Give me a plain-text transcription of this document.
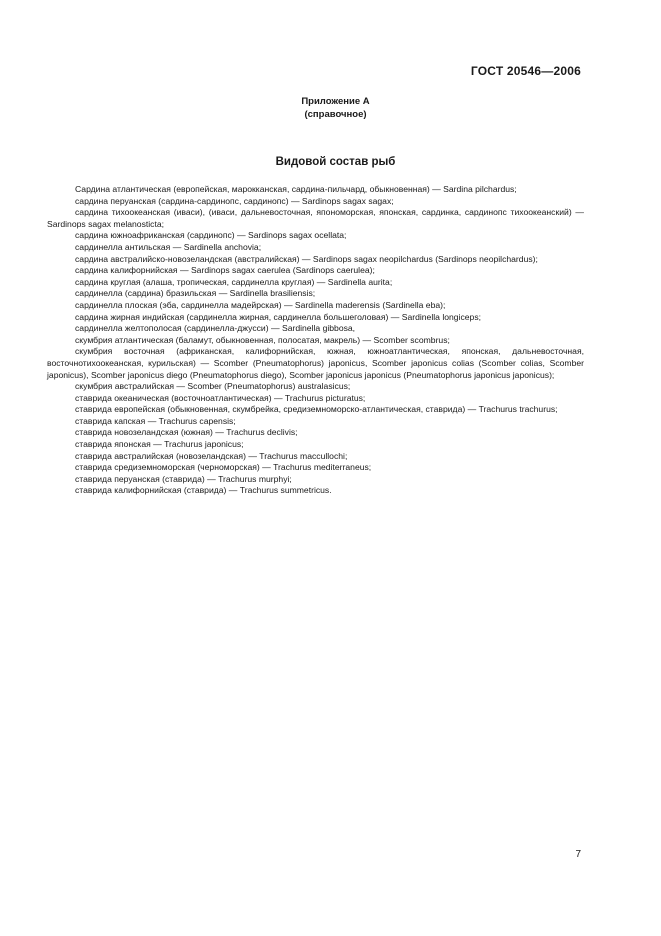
ГОСТ 20546—2006
Приложение А
(справочное)
Видовой состав рыб
Сардина атлантическая (европейская, марокканская, сардина-пильчард, обыкновенная) — Sardina pilchardus;
сардина перуанская (сардина-сардинопс, сардинопс) — Sardinops sagax sagax;
сардина тихоокеанская (иваси), (иваси, дальневосточная, япономорская, японская, сардинка, сардинопс тихоокеанский) — Sardinops sagax melanosticta;
сардина южноафриканская (сардинопс) — Sardinops sagax ocellata;
сардинелла антильская — Sardinella anchovia;
сардина австралийско-новозеландская (австралийская) — Sardinops sagax neopilchardus (Sardinops neopilchardus);
сардина калифорнийская — Sardinops sagax caerulea (Sardinops caerulea);
сардина круглая (алаша, тропическая, сардинелла круглая) — Sardinella aurita;
сардинелла (сардина) бразильская — Sardinella brasiliensis;
сардинелла плоская (эба, сардинелла мадейрская) — Sardinella maderensis (Sardinella eba);
сардина жирная индийская (сардинелла жирная, сардинелла большеголовая) — Sardinella longiceps;
сардинелла желтополосая (сардинелла-джусси) — Sardinella gibbosa,
скумбрия атлантическая (баламут, обыкновенная, полосатая, макрель) — Scomber scombrus;
скумбрия восточная (африканская, калифорнийская, южная, южноатлантическая, японская, дальневосточная, восточнотихоокеанская, курильская) — Scomber (Pneumatophorus) japonicus, Scomber japonicus colias (Scomber colias, Scomber japonicus), Scomber japonicus diego (Pneumatophorus diego), Scomber japonicus japonicus (Pneumatophorus japonicus japonicus);
скумбрия австралийская — Scomber (Pneumatophorus) australasicus;
ставрида океаническая (восточноатлантическая) — Trachurus picturatus;
ставрида европейская (обыкновенная, скумбрейка, средиземноморско-атлантическая, ставрида) — Trachurus trachurus;
ставрида капская — Trachurus capensis;
ставрида новозеландская (южная) — Trachurus declivis;
ставрида японская — Trachurus japonicus;
ставрида австралийская (новозеландская) — Trachurus maccullochi;
ставрида средиземноморская (черноморская) — Trachurus mediterraneus;
ставрида перуанская (ставрида) — Trachurus murphyi;
ставрида калифорнийская (ставрида) — Trachurus summetricus.
7
